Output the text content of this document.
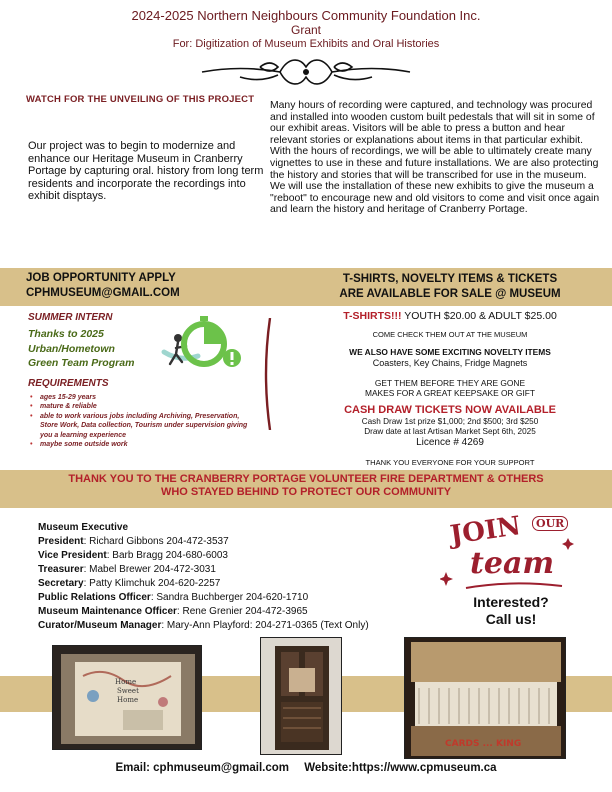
2024-2025 Northern Neighbours Community Foundation Inc.
Grant
For: Digitization of Museum Exhibits and Oral Histories
WATCH FOR THE UNVEILING OF THIS PROJECT
Our project was to begin to modernize and enhance our Heritage Museum in Cranberry Portage by capturing oral. history from long term residents and incorporate the recordings into exhibit disptays.

Many hours of recording were captured, and technology was procured and installed into wooden custom built pedestals that will sit in some of our exhibit areas. Visitors will be able to press a button and hear relevant stories or explanations about items in that particular exhibit. With the hours of recordings, we will be able to ultimately create many vignettes to use in these and future installations. We are also protecting the history and stories that will be transcribed for use in the museum.

We will use the installation of these new exhibits to give the museum a "reboot" to encourage new and old visitors to come and visit once again and learn the history and heritage of Cranberry Portage.

JOB OPPORTUNITY APPLY
CPHMUSEUM@GMAIL.COM
T-SHIRTS, NOVELTY ITEMS & TICKETS
ARE AVAILABLE FOR SALE @ MUSEUM
SUMMER INTERN
Thanks to 2025
Urban/Hometown
Green Team Program
REQUIREMENTS
• ages 15-29 years
• mature & reliable
• able to work various jobs including Archiving, Preservation, Store Work, Data collection, Tourism under supervision giving you a learning experience
• maybe some outside work
T-SHIRTS!!! YOUTH $20.00 & ADULT $25.00
COME CHECK THEM OUT AT THE MUSEUM
WE ALSO HAVE SOME EXCITING NOVELTY ITEMS
Coasters, Key Chains, Fridge Magnets
GET THEM BEFORE THEY ARE GONE
MAKES FOR A GREAT KEEPSAKE OR GIFT
CASH DRAW TICKETS NOW AVAILABLE
Cash Draw 1st prize $1,000; 2nd $500; 3rd $250
Draw date at last Artisan Market Sept 6th, 2025
Licence # 4269
THANK YOU EVERYONE FOR YOUR SUPPORT
THANK YOU TO THE CRANBERRY PORTAGE VOLUNTEER FIRE DEPARTMENT & OTHERS
WHO STAYED BEHIND TO PROTECT OUR COMMUNITY
Museum Executive
President: Richard Gibbons 204-472-3537
Vice President: Barb Bragg 204-680-6003
Treasurer: Mabel Brewer 204-472-3031
Secretary: Patty Klimchuk 204-620-2257
Public Relations Officer: Sandra Buchberger 204-620-1710
Museum Maintenance Officer: Rene Grenier 204-472-3965
Curator/Museum Manager: Mary-Ann Playford: 204-271-0365 (Text Only)
JOIN	OUR
team
Interested?
Call us!
Home
Sweet
Home
CARDS ... KING
Email: cphmuseum@gmail.com Website:https://www.cpmuseum.ca
